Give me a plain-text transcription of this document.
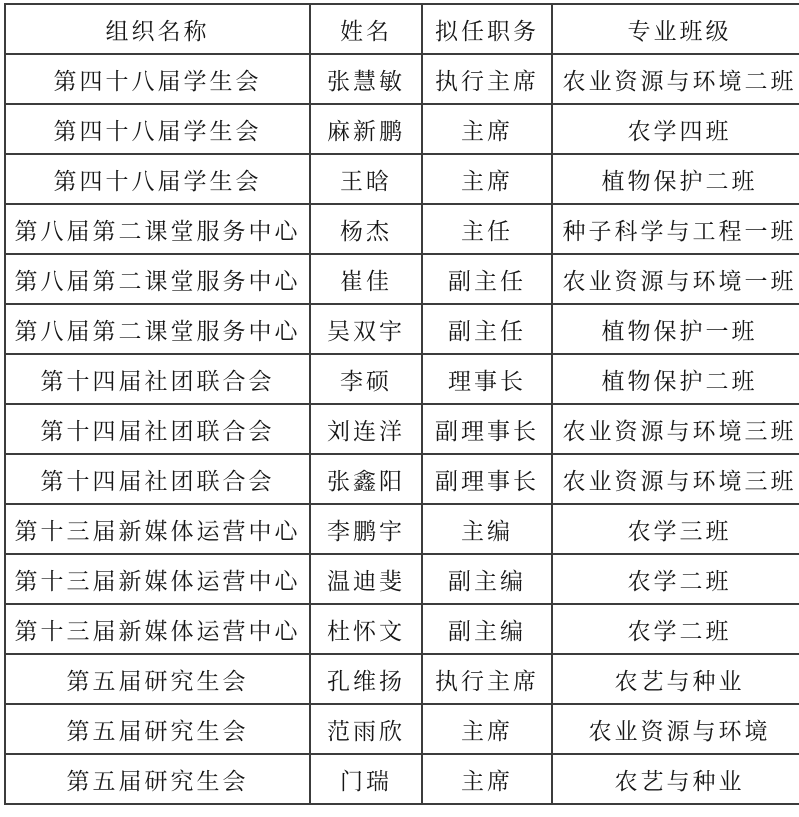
组织名称	姓名	拟任职务	专业班级
第四十八届学生会	张慧敏	执行主席	农业资源与环境二班
第四十八届学生会	麻新鹏	主席	农学四班
第四十八届学生会	王晗	主席	植物保护二班
第八届第二课堂服务中心	杨杰	主任	种子科学与工程一班
第八届第二课堂服务中心	崔佳	副主任	农业资源与环境一班
第八届第二课堂服务中心	吴双宇	副主任	植物保护一班
第十四届社团联合会	李硕	理事长	植物保护二班
第十四届社团联合会	刘连洋	副理事长	农业资源与环境三班
第十四届社团联合会	张鑫阳	副理事长	农业资源与环境三班
第十三届新媒体运营中心	李鹏宇	主编	农学三班
第十三届新媒体运营中心	温迪斐	副主编	农学二班
第十三届新媒体运营中心	杜怀文	副主编	农学二班
第五届研究生会	孔维扬	执行主席	农艺与种业
第五届研究生会	范雨欣	主席	农业资源与环境
第五届研究生会	门瑞	主席	农艺与种业
